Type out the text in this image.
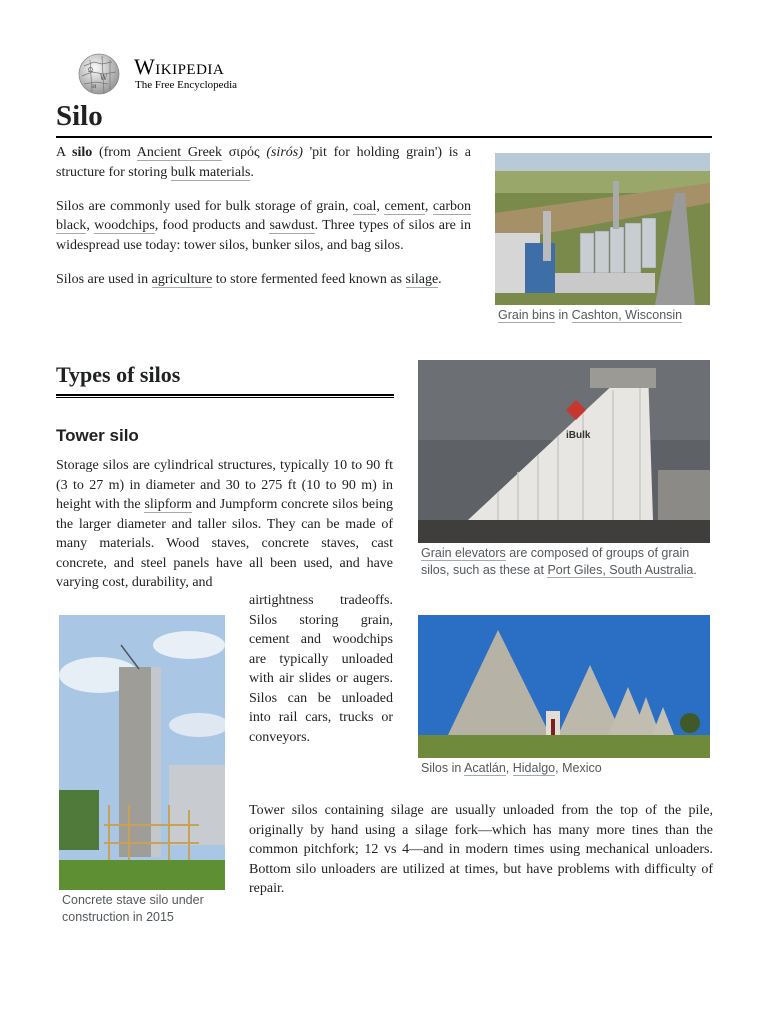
Ω
W
И
Wikipedia
The Free Encyclopedia
Silo

A silo (from Ancient Greek σιρός (sirós) 'pit for holding grain') is a structure for storing bulk materials.

Silos are commonly used for bulk storage of grain, coal, cement, carbon black, woodchips, food products and sawdust. Three types of silos are in widespread use today: tower silos, bunker silos, and bag silos.

Silos are used in agriculture to store fermented feed known as silage.

Grain bins in Cashton, Wisconsin
Types of silos
Tower silo

Storage silos are cylindrical structures, typically 10 to 90 ft (3 to 27 m) in diameter and 30 to 275 ft (10 to 90 m) in height with the slipform and Jumpform concrete silos being the larger diameter and taller silos. They can be made of many materials. Wood staves, concrete staves, cast concrete, and steel panels have all been used, and have varying cost, durability, and

airtightness tradeoffs. Silos storing grain, cement and woodchips are typically unloaded with air slides or augers. Silos can be unloaded into rail cars, trucks or conveyors.

iBulk
Grain elevators are composed of groups of grain silos, such as these at Port Giles, South Australia.
Silos in Acatlán, Hidalgo, Mexico
Concrete stave silo under construction in 2015

Tower silos containing silage are usually unloaded from the top of the pile, originally by hand using a silage fork—which has many more tines than the common pitchfork; 12 vs 4—and in modern times using mechanical unloaders. Bottom silo unloaders are utilized at times, but have problems with difficulty of repair.
